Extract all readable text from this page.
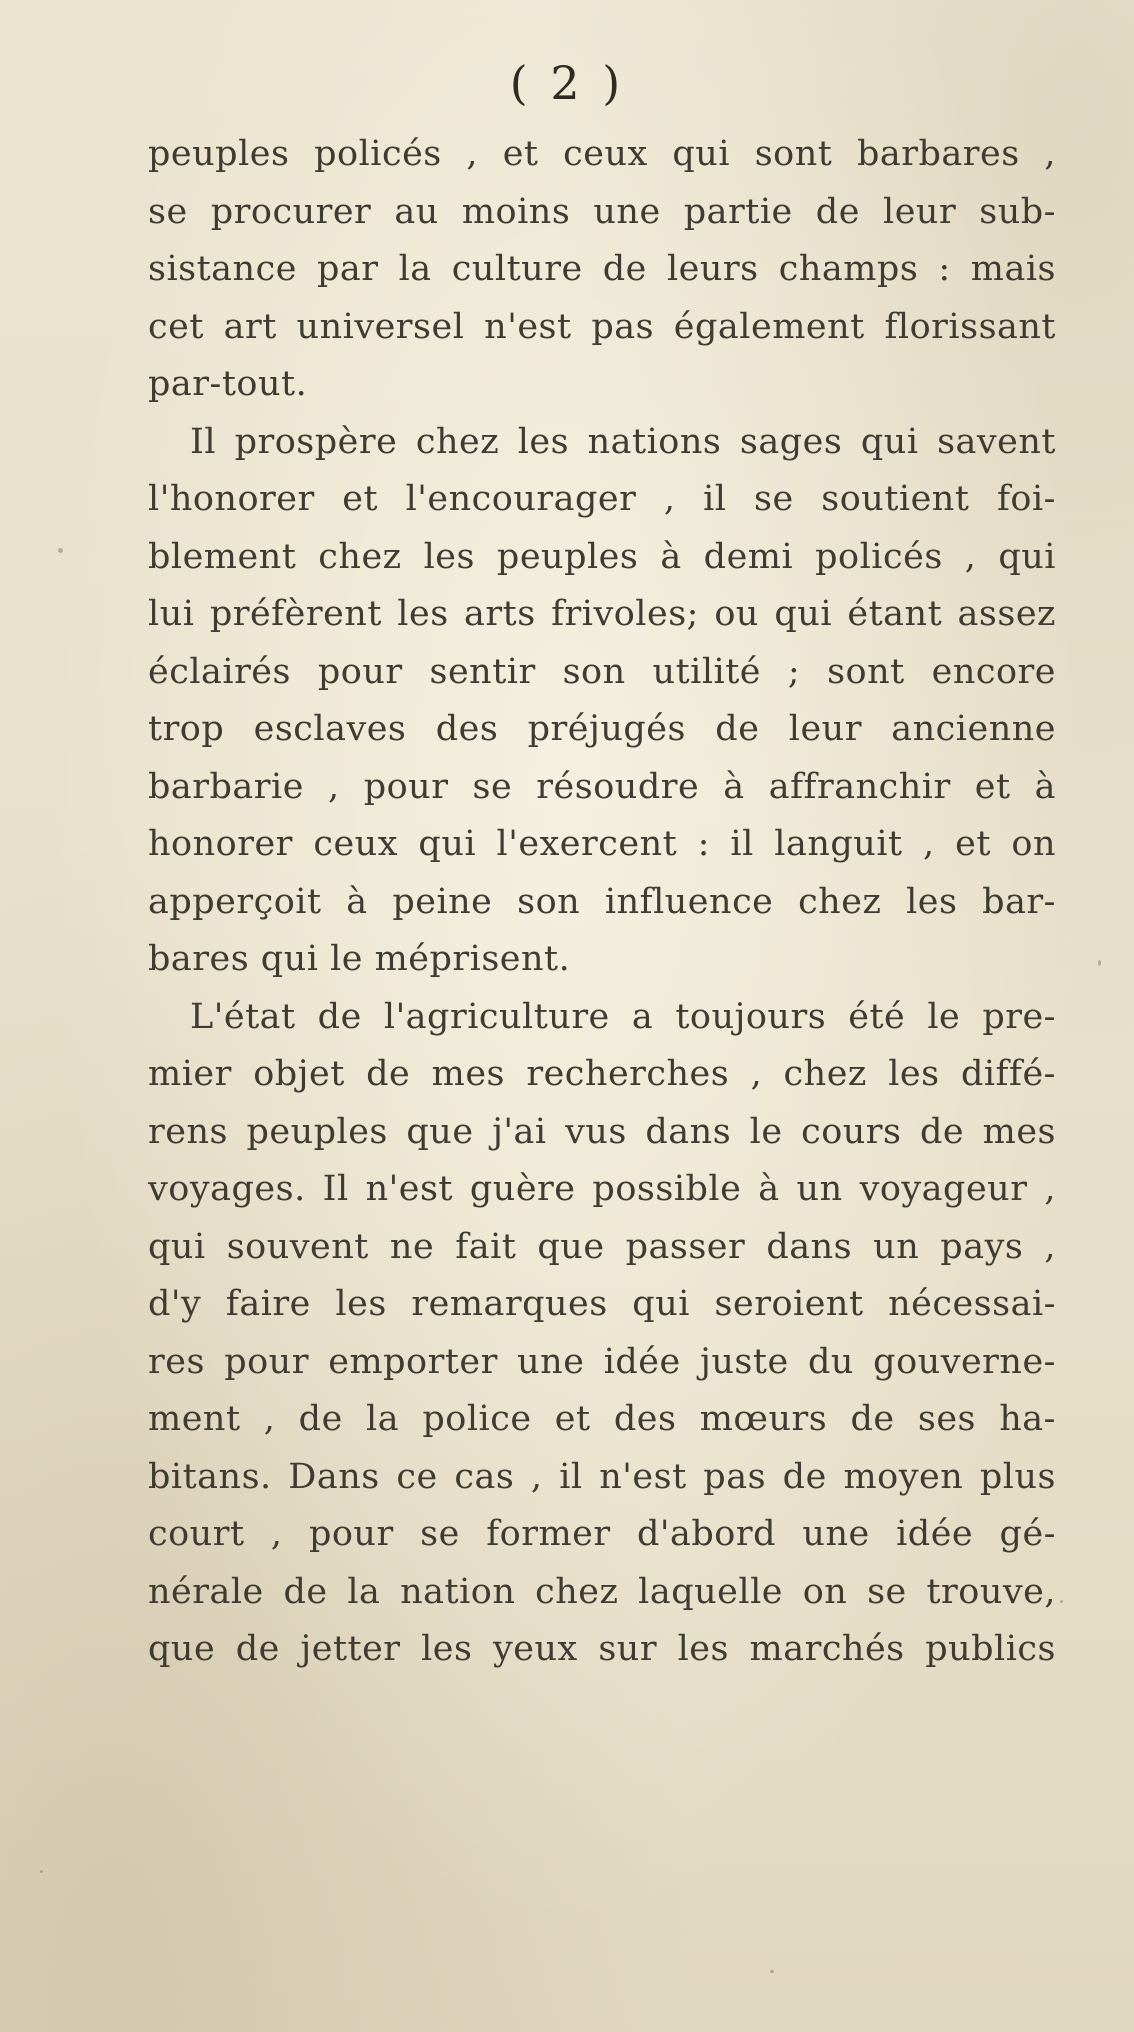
( 2 )
peuples policés , et ceux qui sont barbares ,
se procurer au moins une partie de leur sub-
sistance par la culture de leurs champs : mais
cet art universel n'est pas également florissant
par-tout.
Il prospère chez les nations sages qui savent
l'honorer et l'encourager , il se soutient foi-
blement chez les peuples à demi policés , qui
lui préfèrent les arts frivoles; ou qui étant assez
éclairés pour sentir son utilité ; sont encore
trop esclaves des préjugés de leur ancienne
barbarie , pour se résoudre à affranchir et à
honorer ceux qui l'exercent : il languit , et on
apperçoit à peine son influence chez les bar-
bares qui le méprisent.
L'état de l'agriculture a toujours été le pre-
mier objet de mes recherches , chez les diffé-
rens peuples que j'ai vus dans le cours de mes
voyages. Il n'est guère possible à un voyageur ,
qui souvent ne fait que passer dans un pays ,
d'y faire les remarques qui seroient nécessai-
res pour emporter une idée juste du gouverne-
ment , de la police et des mœurs de ses ha-
bitans. Dans ce cas , il n'est pas de moyen plus
court , pour se former d'abord une idée gé-
nérale de la nation chez laquelle on se trouve,
que de jetter les yeux sur les marchés publics
